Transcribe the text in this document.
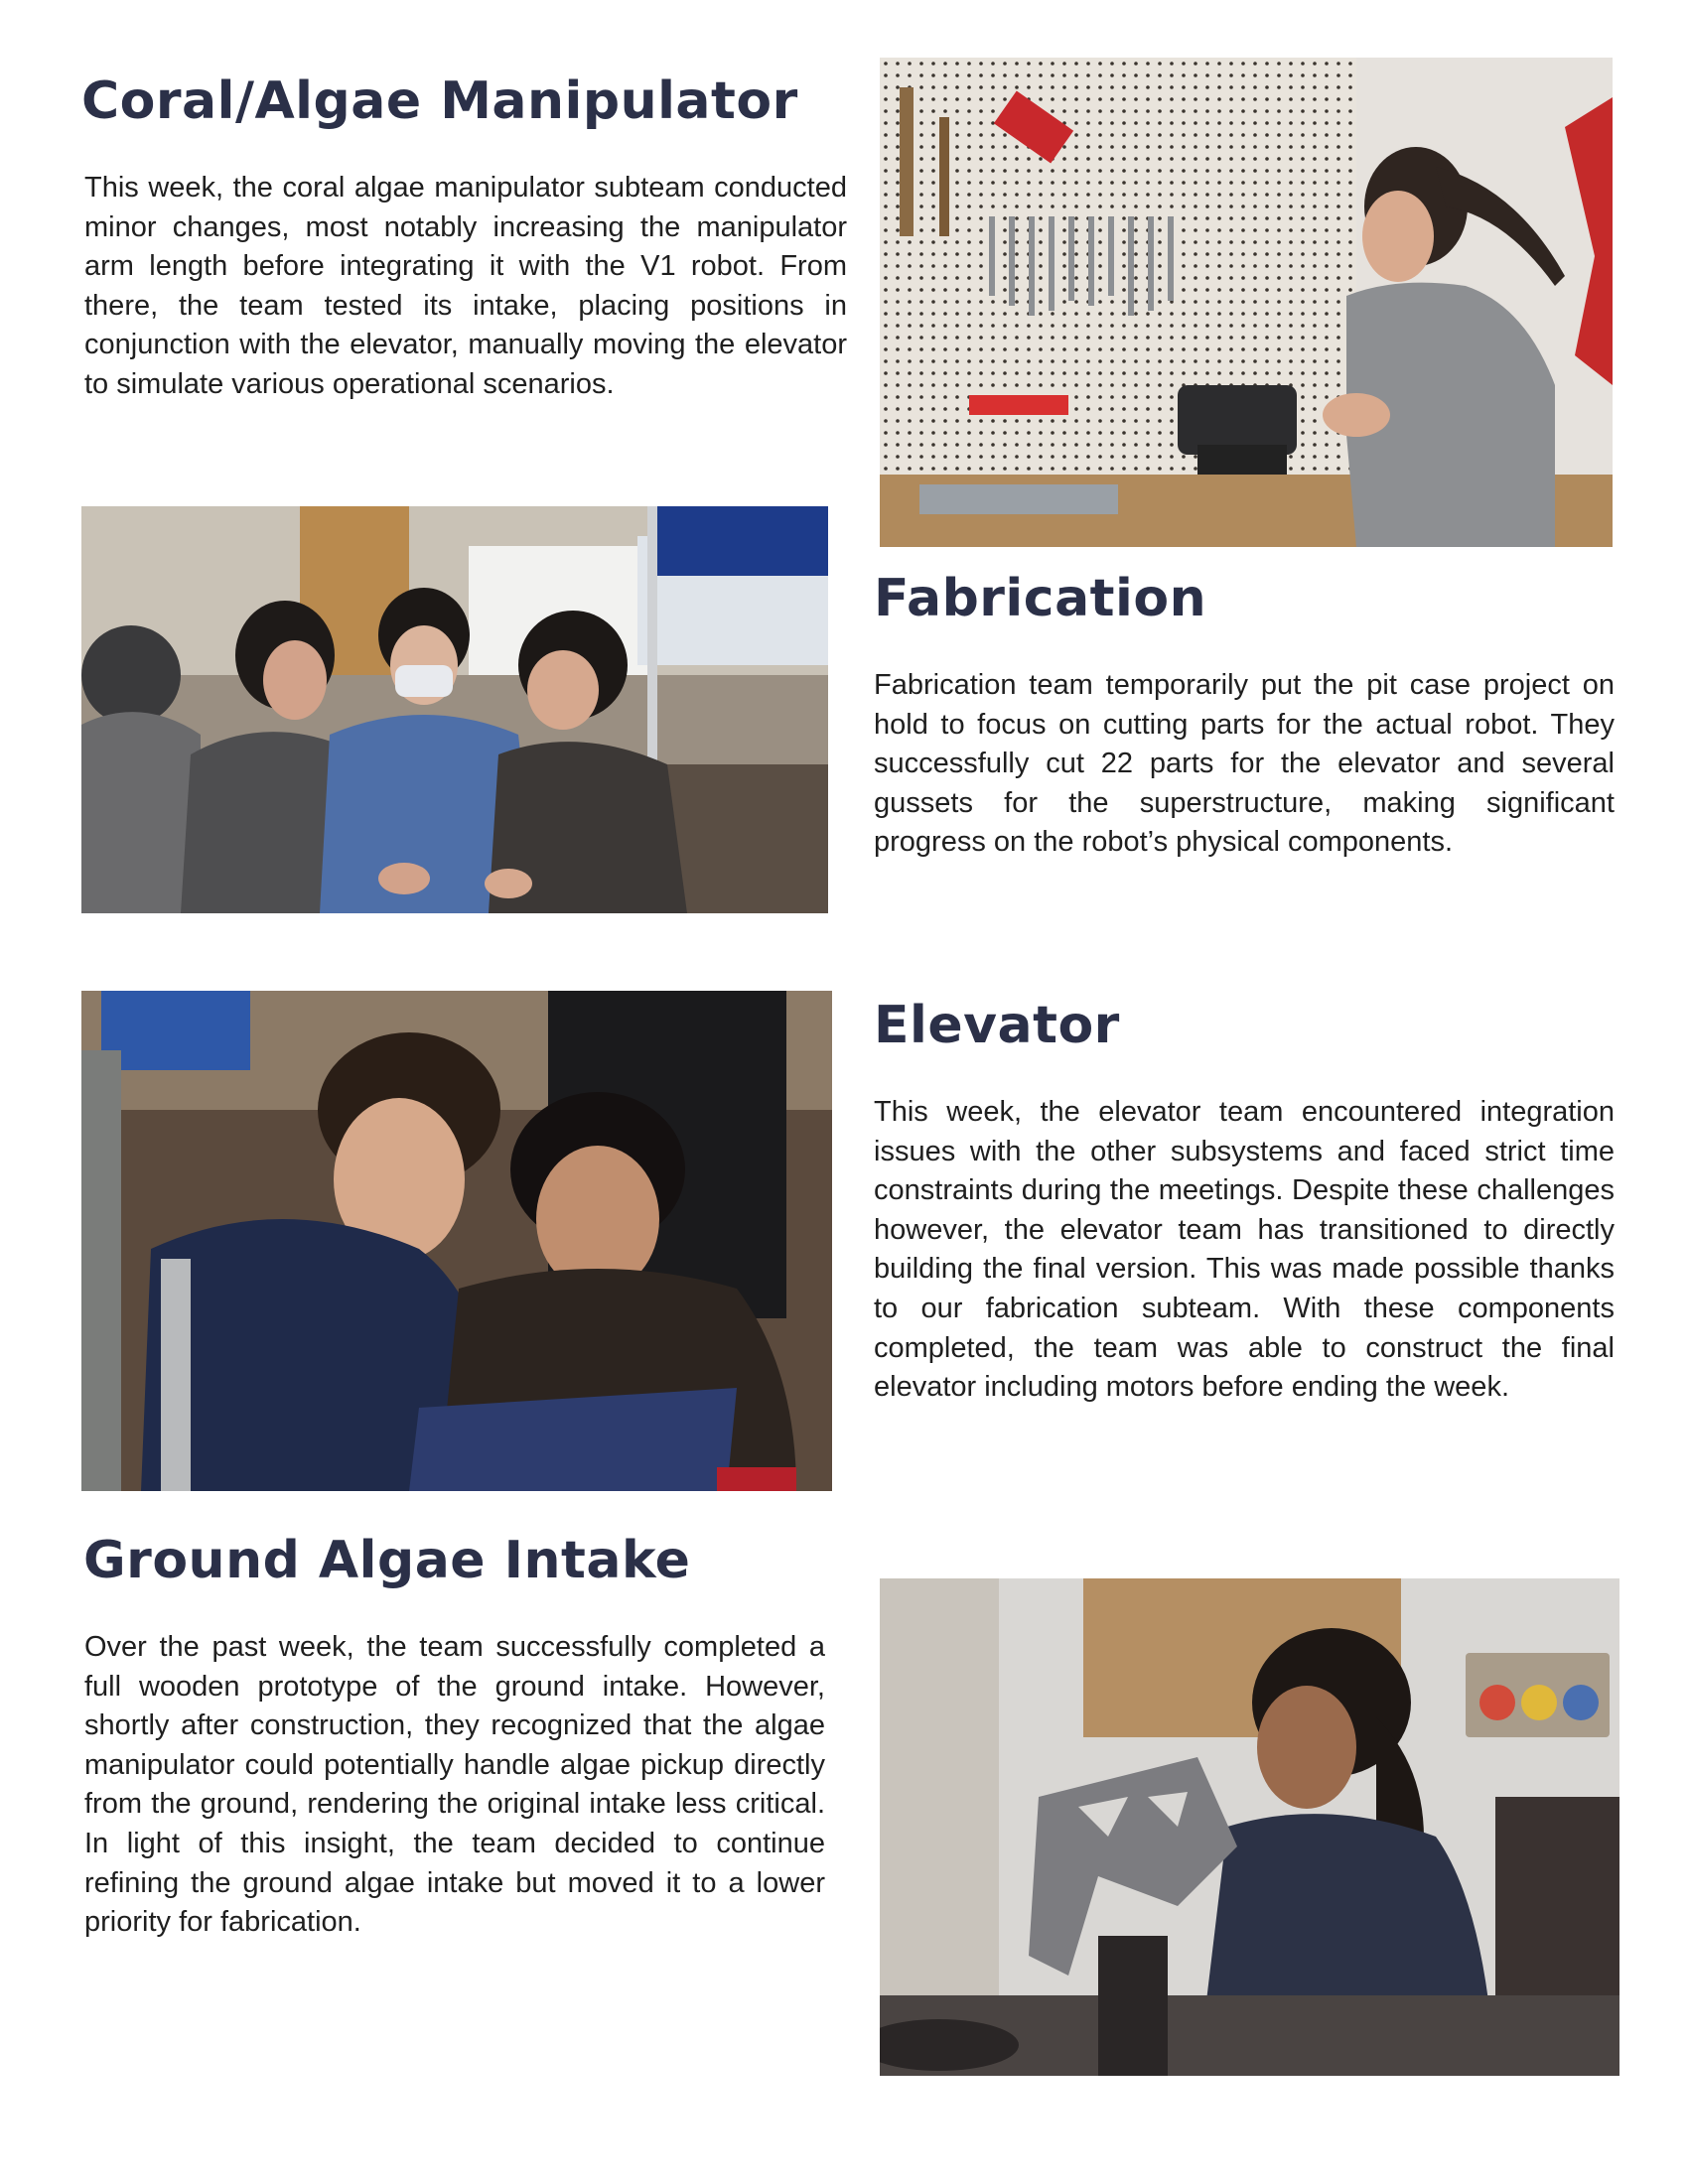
Coral/Algae Manipulator

This week, the coral algae manipulator subteam conducted minor changes, most notably increasing the manipulator arm length before integrating it with the V1 robot. From there, the team tested its intake, placing positions in conjunction with the elevator, manually moving the elevator to simulate various operational scenarios.

Fabrication

Fabrication team temporarily put the pit case project on hold to focus on cutting parts for the actual robot. They successfully cut 22 parts for the elevator and several gussets for the superstructure, making significant progress on the robot’s physical components.

Elevator

This week, the elevator team encountered integration issues with the other subsystems and faced strict time constraints during the meetings. Despite these challenges however, the elevator team has transitioned to directly building the final version. This was made possible thanks to our fabrication subteam. With these components completed, the team was able to construct the final elevator including motors before ending the week.

Ground Algae Intake

Over the past week, the team successfully completed a full wooden prototype of the ground intake. However, shortly after construction, they recognized that the algae manipulator could potentially handle algae pickup directly from the ground, rendering the original intake less critical. In light of this insight, the team decided to continue refining the ground algae intake but moved it to a lower priority for fabrication.
